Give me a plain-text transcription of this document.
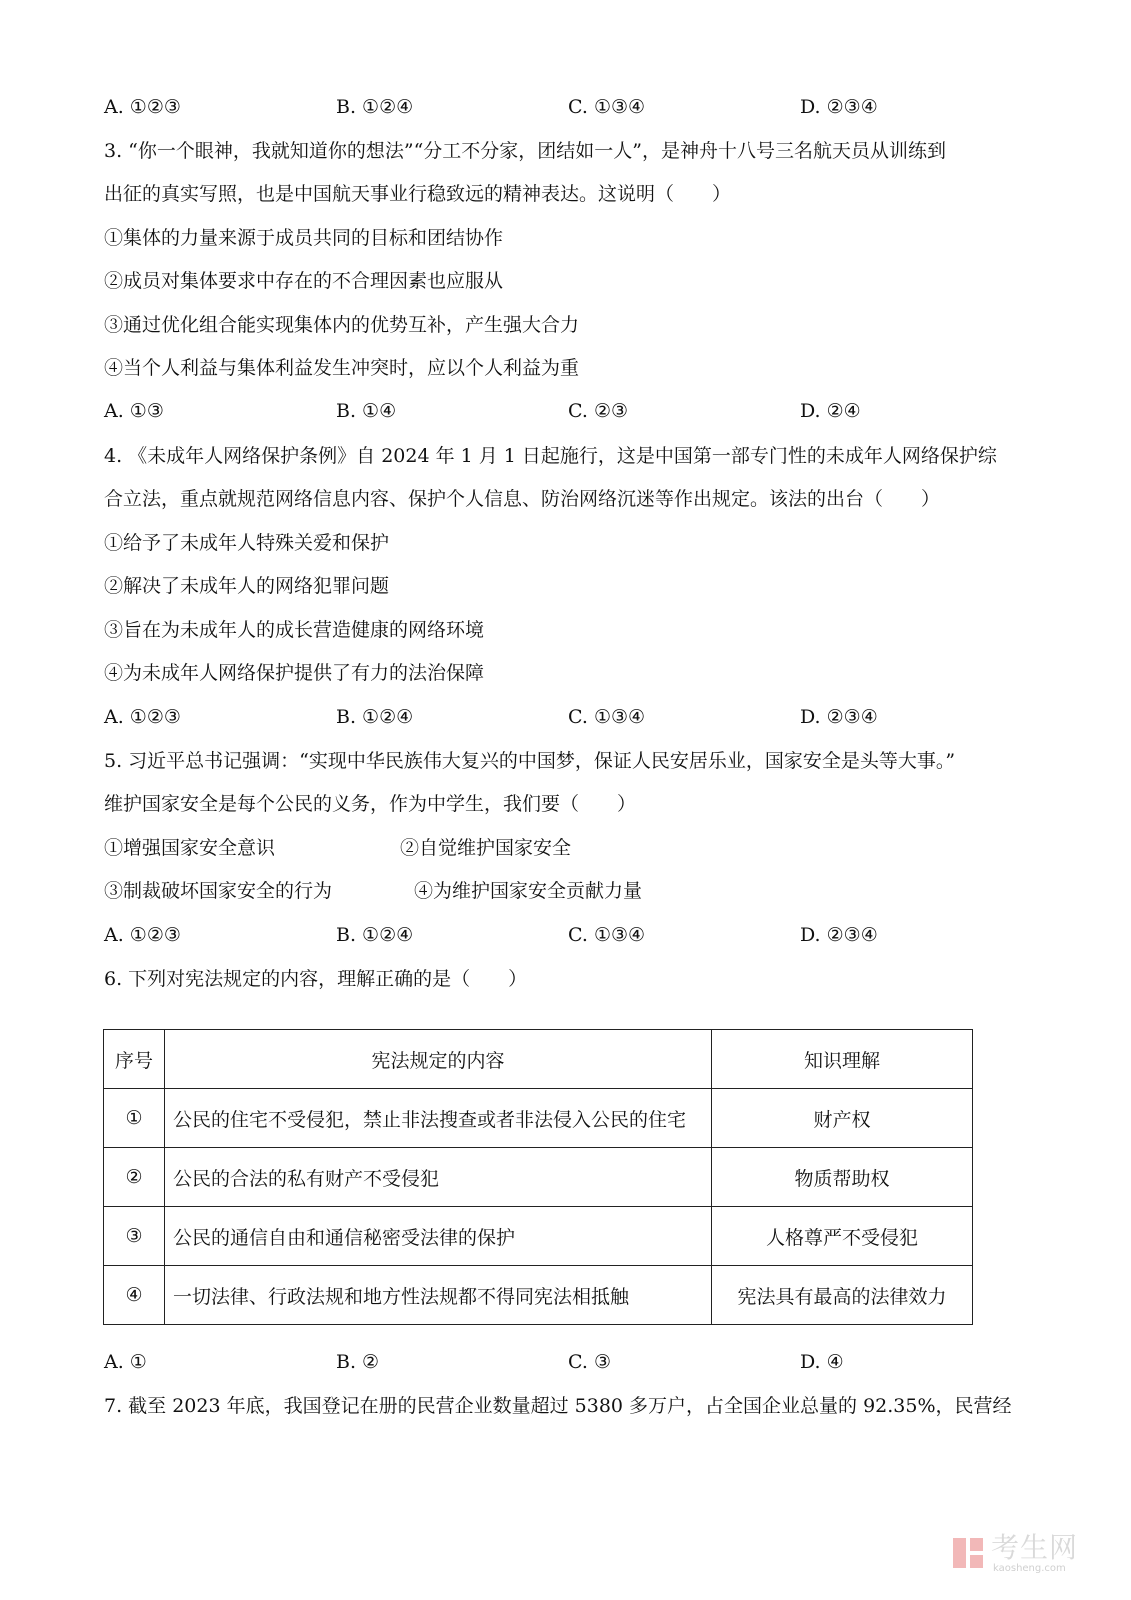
A. ①②③	B. ①②④	C. ①③④	D. ②③④
3. “你一个眼神，我就知道你的想法”“分工不分家，团结如一人”，是神舟十八号三名航天员从训练到
出征的真实写照，也是中国航天事业行稳致远的精神表达。这说明（　　）
①集体的力量来源于成员共同的目标和团结协作
②成员对集体要求中存在的不合理因素也应服从
③通过优化组合能实现集体内的优势互补，产生强大合力
④当个人利益与集体利益发生冲突时，应以个人利益为重
A. ①③	B. ①④	C. ②③	D. ②④
4. 《未成年人网络保护条例》自 2024 年 1 月 1 日起施行，这是中国第一部专门性的未成年人网络保护综
合立法，重点就规范网络信息内容、保护个人信息、防治网络沉迷等作出规定。该法的出台（　　）
①给予了未成年人特殊关爱和保护
②解决了未成年人的网络犯罪问题
③旨在为未成年人的成长营造健康的网络环境
④为未成年人网络保护提供了有力的法治保障
A. ①②③	B. ①②④	C. ①③④	D. ②③④
5. 习近平总书记强调：“实现中华民族伟大复兴的中国梦，保证人民安居乐业，国家安全是头等大事。”
维护国家安全是每个公民的义务，作为中学生，我们要（　　）
①增强国家安全意识	②自觉维护国家安全
③制裁破坏国家安全的行为	④为维护国家安全贡献力量
A. ①②③	B. ①②④	C. ①③④	D. ②③④
6. 下列对宪法规定的内容，理解正确的是（　　）
序号	宪法规定的内容	知识理解
①	公民的住宅不受侵犯，禁止非法搜查或者非法侵入公民的住宅	财产权
②	公民的合法的私有财产不受侵犯	物质帮助权
③	公民的通信自由和通信秘密受法律的保护	人格尊严不受侵犯
④	一切法律、行政法规和地方性法规都不得同宪法相抵触	宪法具有最高的法律效力
A. ①	B. ②	C. ③	D. ④
7. 截至 2023 年底，我国登记在册的民营企业数量超过 5380 多万户，占全国企业总量的 92.35%，民营经
考生网
kaosheng.com
